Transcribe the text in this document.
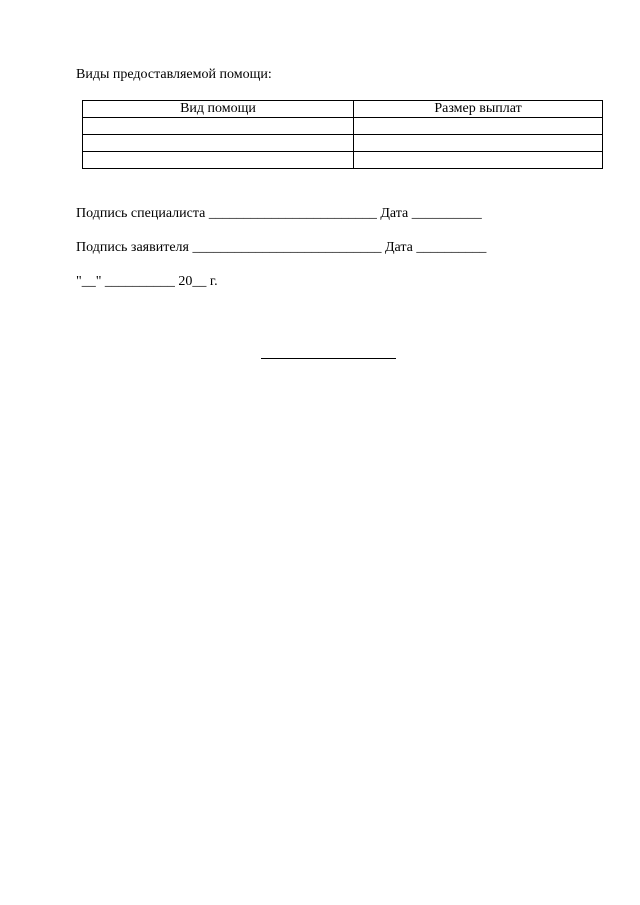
Виды предоставляемой помощи:
Вид помощи	Размер выплат

Подпись специалиста ________________________ Дата __________
Подпись заявителя ___________________________ Дата __________
"__" __________ 20__ г.
